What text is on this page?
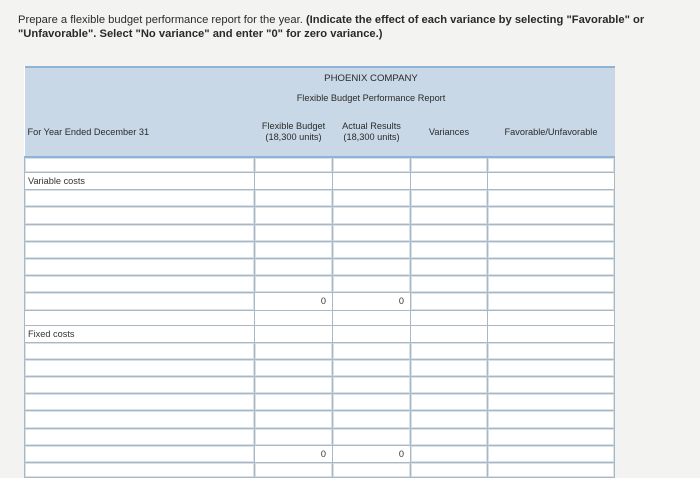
Prepare a flexible budget performance report for the year. (Indicate the effect of each variance by selecting "Favorable" or "Unfavorable". Select "No variance" and enter "0" for zero variance.)
	PHOENIX COMPANY			
	Flexible Budget Performance Report			
For Year Ended December 31	Flexible Budget (18,300 units)	Actual Results (18,300 units)	Variances	Favorable/Unfavorable

Variable costs				

	0	0		

Fixed costs				

	0	0		
